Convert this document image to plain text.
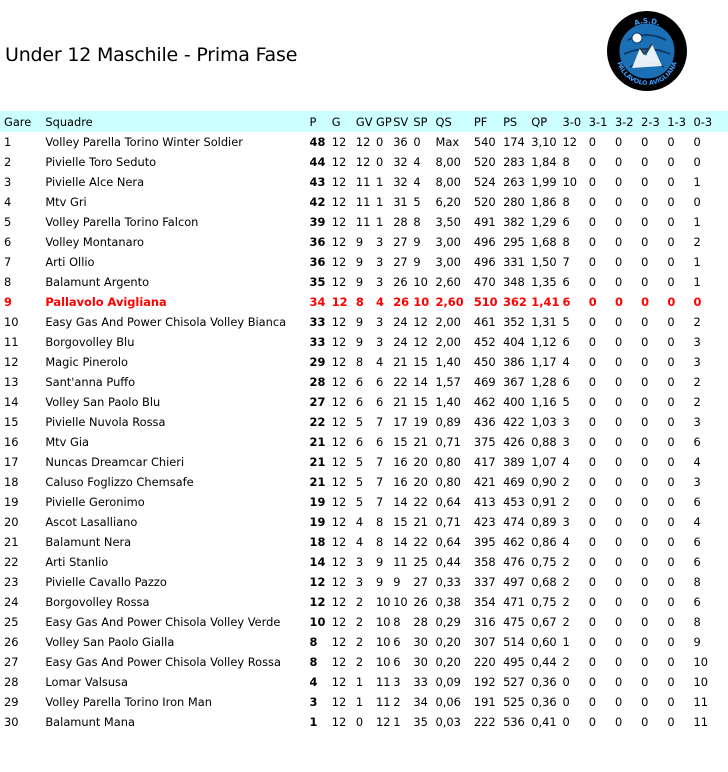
Under 12 Maschile - Prima Fase
A.S.D.
PALLAVOLO AVIGLIANA
Gare	Squadre	P	G	GV	GP	SV	SP	QS	PF	PS	QP	3-0	3-1	3-2	2-3	1-3	0-3
1	Volley Parella Torino Winter Soldier	48	12	12	0	36	0	Max	540	174	3,10	12	0	0	0	0	0
2	Pivielle Toro Seduto	44	12	12	0	32	4	8,00	520	283	1,84	8	0	0	0	0	0
3	Pivielle Alce Nera	43	12	11	1	32	4	8,00	524	263	1,99	10	0	0	0	0	1
4	Mtv Gri	42	12	11	1	31	5	6,20	520	280	1,86	8	0	0	0	0	0
5	Volley Parella Torino Falcon	39	12	11	1	28	8	3,50	491	382	1,29	6	0	0	0	0	1
6	Volley Montanaro	36	12	9	3	27	9	3,00	496	295	1,68	8	0	0	0	0	2
7	Arti Ollio	36	12	9	3	27	9	3,00	496	331	1,50	7	0	0	0	0	1
8	Balamunt Argento	35	12	9	3	26	10	2,60	470	348	1,35	6	0	0	0	0	1
9	Pallavolo Avigliana	34	12	8	4	26	10	2,60	510	362	1,41	6	0	0	0	0	0
10	Easy Gas And Power Chisola Volley Bianca	33	12	9	3	24	12	2,00	461	352	1,31	5	0	0	0	0	2
11	Borgovolley Blu	33	12	9	3	24	12	2,00	452	404	1,12	6	0	0	0	0	3
12	Magic Pinerolo	29	12	8	4	21	15	1,40	450	386	1,17	4	0	0	0	0	3
13	Sant'anna Puffo	28	12	6	6	22	14	1,57	469	367	1,28	6	0	0	0	0	2
14	Volley San Paolo Blu	27	12	6	6	21	15	1,40	462	400	1,16	5	0	0	0	0	2
15	Pivielle Nuvola Rossa	22	12	5	7	17	19	0,89	436	422	1,03	3	0	0	0	0	3
16	Mtv Gia	21	12	6	6	15	21	0,71	375	426	0,88	3	0	0	0	0	6
17	Nuncas Dreamcar Chieri	21	12	5	7	16	20	0,80	417	389	1,07	4	0	0	0	0	4
18	Caluso Foglizzo Chemsafe	21	12	5	7	16	20	0,80	421	469	0,90	2	0	0	0	0	3
19	Pivielle Geronimo	19	12	5	7	14	22	0,64	413	453	0,91	2	0	0	0	0	6
20	Ascot Lasalliano	19	12	4	8	15	21	0,71	423	474	0,89	3	0	0	0	0	4
21	Balamunt Nera	18	12	4	8	14	22	0,64	395	462	0,86	4	0	0	0	0	6
22	Arti Stanlio	14	12	3	9	11	25	0,44	358	476	0,75	2	0	0	0	0	6
23	Pivielle Cavallo Pazzo	12	12	3	9	9	27	0,33	337	497	0,68	2	0	0	0	0	8
24	Borgovolley Rossa	12	12	2	10	10	26	0,38	354	471	0,75	2	0	0	0	0	6
25	Easy Gas And Power Chisola Volley Verde	10	12	2	10	8	28	0,29	316	475	0,67	2	0	0	0	0	8
26	Volley San Paolo Gialla	8	12	2	10	6	30	0,20	307	514	0,60	1	0	0	0	0	9
27	Easy Gas And Power Chisola Volley Rossa	8	12	2	10	6	30	0,20	220	495	0,44	2	0	0	0	0	10
28	Lomar Valsusa	4	12	1	11	3	33	0,09	192	527	0,36	0	0	0	0	0	10
29	Volley Parella Torino Iron Man	3	12	1	11	2	34	0,06	191	525	0,36	0	0	0	0	0	11
30	Balamunt Mana	1	12	0	12	1	35	0,03	222	536	0,41	0	0	0	0	0	11
